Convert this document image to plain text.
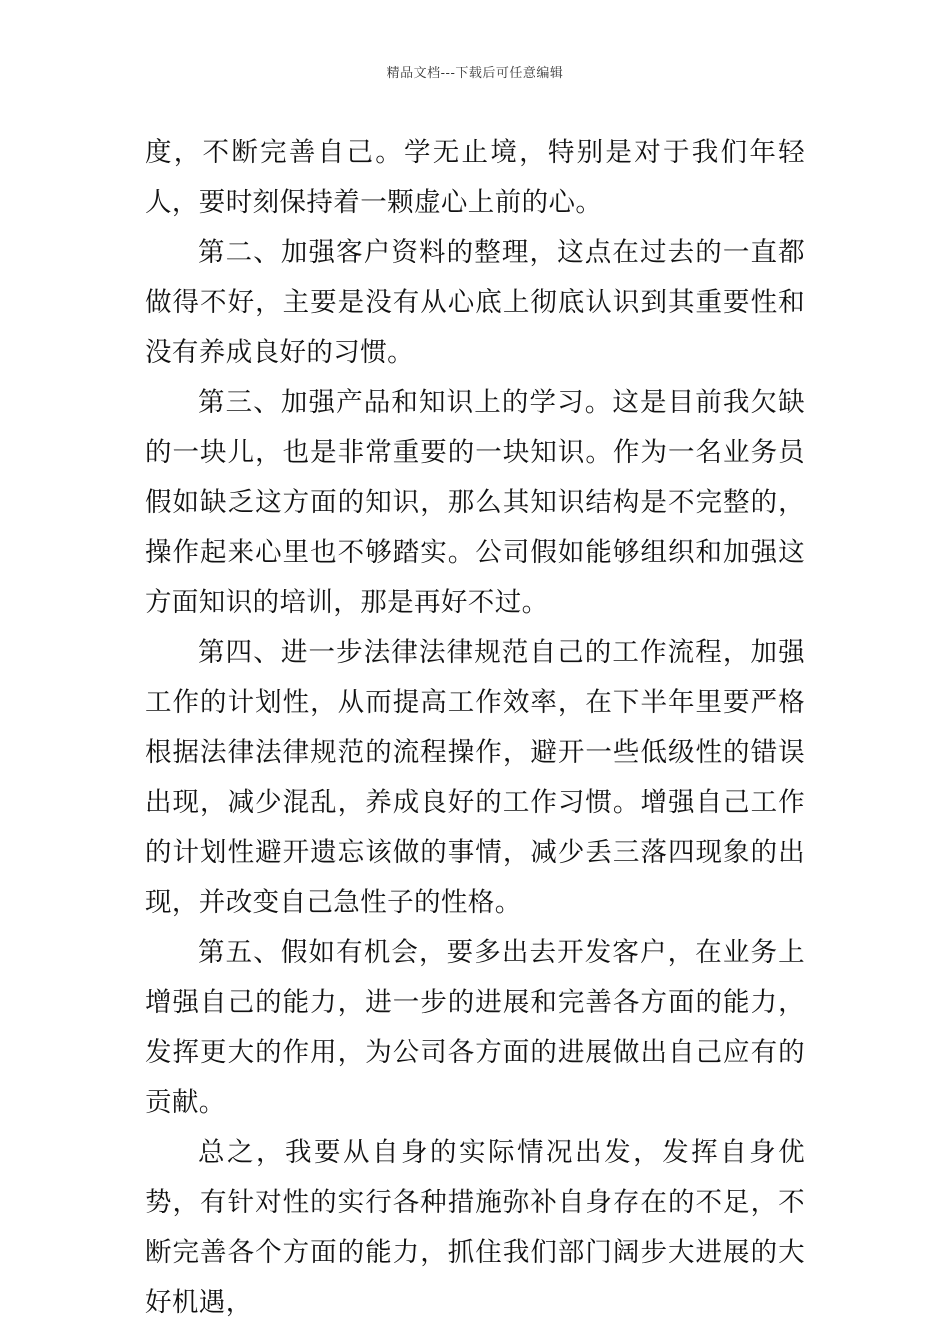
精品文档---下载后可任意编辑

度，不断完善自己。学无止境，特别是对于我们年轻人，要时刻保持着一颗虚心上前的心。

第二、加强客户资料的整理，这点在过去的一直都做得不好，主要是没有从心底上彻底认识到其重要性和没有养成良好的习惯。

第三、加强产品和知识上的学习。这是目前我欠缺的一块儿，也是非常重要的一块知识。作为一名业务员假如缺乏这方面的知识，那么其知识结构是不完整的，操作起来心里也不够踏实。公司假如能够组织和加强这方面知识的培训，那是再好不过。

第四、进一步法律法律规范自己的工作流程，加强工作的计划性，从而提高工作效率，在下半年里要严格根据法律法律规范的流程操作，避开一些低级性的错误出现，减少混乱，养成良好的工作习惯。增强自己工作的计划性避开遗忘该做的事情，减少丢三落四现象的出现，并改变自己急性子的性格。

第五、假如有机会，要多出去开发客户，在业务上增强自己的能力，进一步的进展和完善各方面的能力，发挥更大的作用，为公司各方面的进展做出自己应有的贡献。

总之，我要从自身的实际情况出发，发挥自身优势，有针对性的实行各种措施弥补自身存在的不足，不断完善各个方面的能力，抓住我们部门阔步大进展的大好机遇，
